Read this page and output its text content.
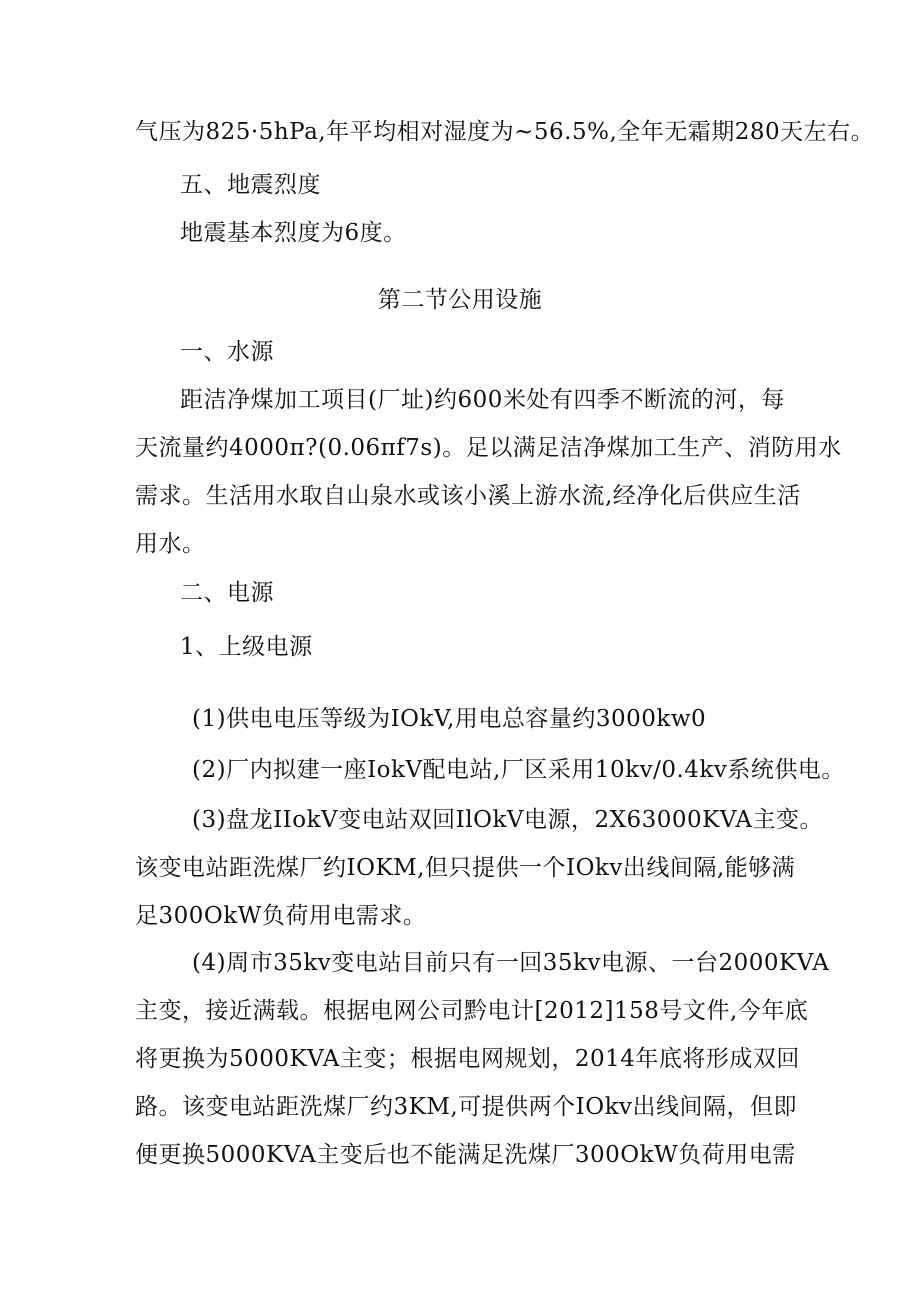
气压为825·5hPa,年平均相对湿度为~56.5%,全年无霜期280天左右。
五、地震烈度
地震基本烈度为6度。
第二节公用设施
一、水源
距洁净煤加工项目(厂址)约600米处有四季不断流的河，每
天流量约4000π?(0.06πf7s)。足以满足洁净煤加工生产、消防用水
需求。生活用水取自山泉水或该小溪上游水流,经净化后供应生活
用水。
二、电源
1、上级电源
(1)供电电压等级为IOkV,用电总容量约3000kw0
(2)厂内拟建一座IokV配电站,厂区采用10kv∕0.4kv系统供电。
(3)盘龙IIokV变电站双回IlOkV电源，2X63000KVA主变。
该变电站距洗煤厂约IOKM,但只提供一个IOkv出线间隔,能够满
足300OkW负荷用电需求。
(4)周市35kv变电站目前只有一回35kv电源、一台2000KVA
主变，接近满载。根据电网公司黔电计[2012]158号文件,今年底
将更换为5000KVA主变；根据电网规划，2014年底将形成双回
路。该变电站距洗煤厂约3KM,可提供两个IOkv出线间隔，但即
便更换5000KVA主变后也不能满足洗煤厂300OkW负荷用电需
